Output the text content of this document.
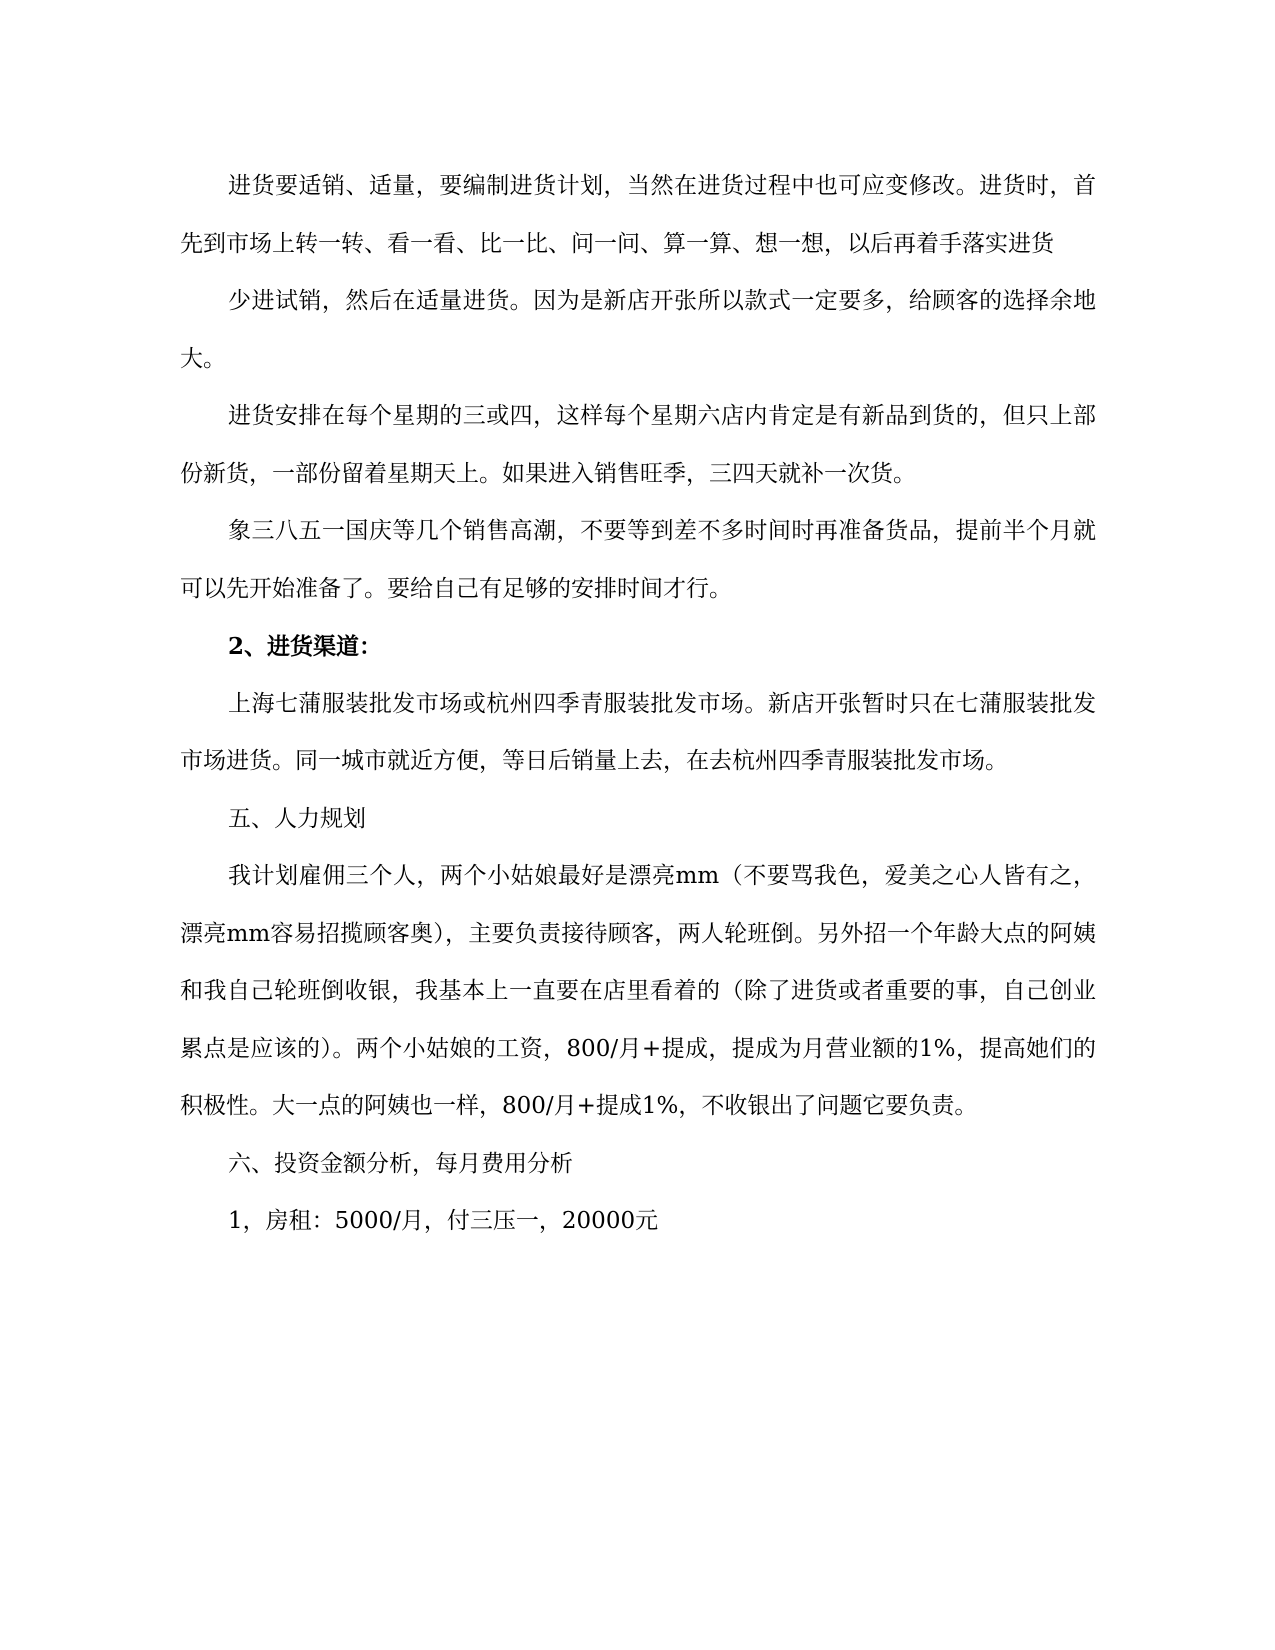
进货要适销、适量，要编制进货计划，当然在进货过程中也可应变修改。进货时，首先到市场上转一转、看一看、比一比、问一问、算一算、想一想，以后再着手落实进货

少进试销，然后在适量进货。因为是新店开张所以款式一定要多，给顾客的选择余地大。

进货安排在每个星期的三或四，这样每个星期六店内肯定是有新品到货的，但只上部份新货，一部份留着星期天上。如果进入销售旺季，三四天就补一次货。

象三八五一国庆等几个销售高潮，不要等到差不多时间时再准备货品，提前半个月就可以先开始准备了。要给自己有足够的安排时间才行。

2、进货渠道：

上海七蒲服装批发市场或杭州四季青服装批发市场。新店开张暂时只在七蒲服装批发市场进货。同一城市就近方便，等日后销量上去，在去杭州四季青服装批发市场。

五、人力规划

我计划雇佣三个人，两个小姑娘最好是漂亮mm（不要骂我色，爱美之心人皆有之，漂亮mm容易招揽顾客奥），主要负责接待顾客，两人轮班倒。另外招一个年龄大点的阿姨和我自己轮班倒收银，我基本上一直要在店里看着的（除了进货或者重要的事，自己创业累点是应该的）。两个小姑娘的工资，800/月+提成，提成为月营业额的1%，提高她们的积极性。大一点的阿姨也一样，800/月+提成1%，不收银出了问题它要负责。

六、投资金额分析，每月费用分析

1，房租：5000/月，付三压一，20000元
